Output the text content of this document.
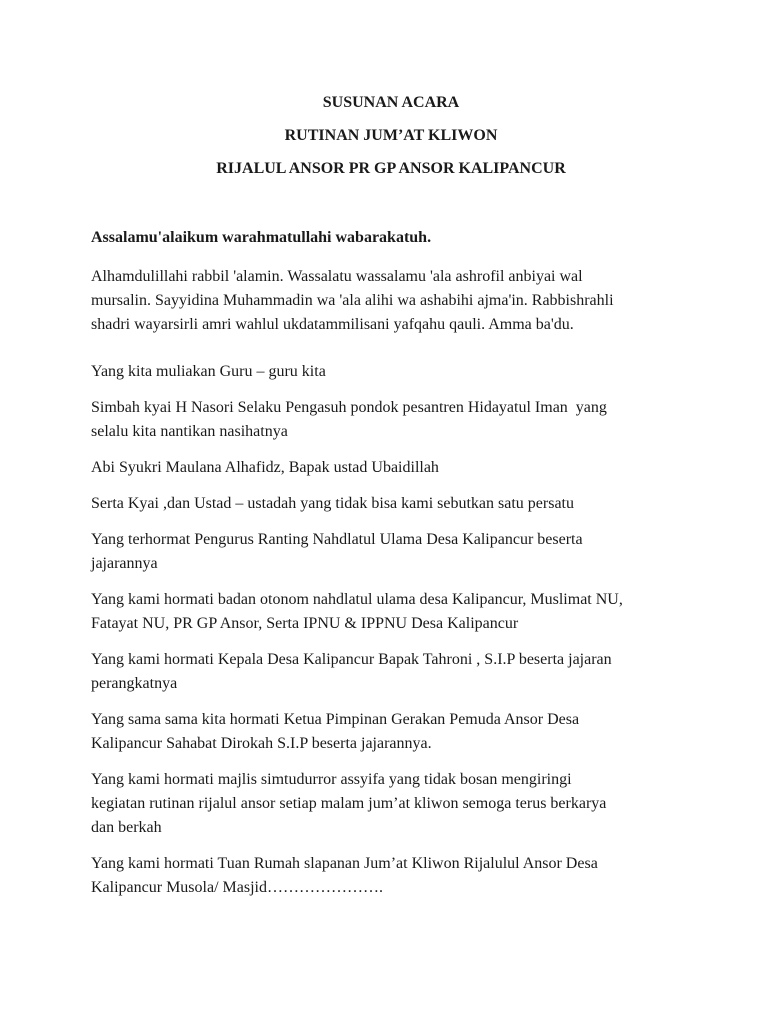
SUSUNAN ACARA

RUTINAN JUM’AT KLIWON

RIJALUL ANSOR PR GP ANSOR KALIPANCUR

Assalamu'alaikum warahmatullahi wabarakatuh.

Alhamdulillahi rabbil 'alamin. Wassalatu wassalamu 'ala ashrofil anbiyai wal
mursalin. Sayyidina Muhammadin wa 'ala alihi wa ashabihi ajma'in. Rabbishrahli
shadri wayarsirli amri wahlul ukdatammilisani yafqahu qauli. Amma ba'du.

Yang kita muliakan Guru – guru kita

Simbah kyai H Nasori Selaku Pengasuh pondok pesantren Hidayatul Iman  yang
selalu kita nantikan nasihatnya

Abi Syukri Maulana Alhafidz, Bapak ustad Ubaidillah

Serta Kyai ,dan Ustad – ustadah yang tidak bisa kami sebutkan satu persatu

Yang terhormat Pengurus Ranting Nahdlatul Ulama Desa Kalipancur beserta
jajarannya

Yang kami hormati badan otonom nahdlatul ulama desa Kalipancur, Muslimat NU,
Fatayat NU, PR GP Ansor, Serta IPNU & IPPNU Desa Kalipancur

Yang kami hormati Kepala Desa Kalipancur Bapak Tahroni , S.I.P beserta jajaran
perangkatnya

Yang sama sama kita hormati Ketua Pimpinan Gerakan Pemuda Ansor Desa
Kalipancur Sahabat Dirokah S.I.P beserta jajarannya.

Yang kami hormati majlis simtudurror assyifa yang tidak bosan mengiringi
kegiatan rutinan rijalul ansor setiap malam jum’at kliwon semoga terus berkarya
dan berkah

Yang kami hormati Tuan Rumah slapanan Jum’at Kliwon Rijalulul Ansor Desa
Kalipancur Musola/ Masjid………………….
